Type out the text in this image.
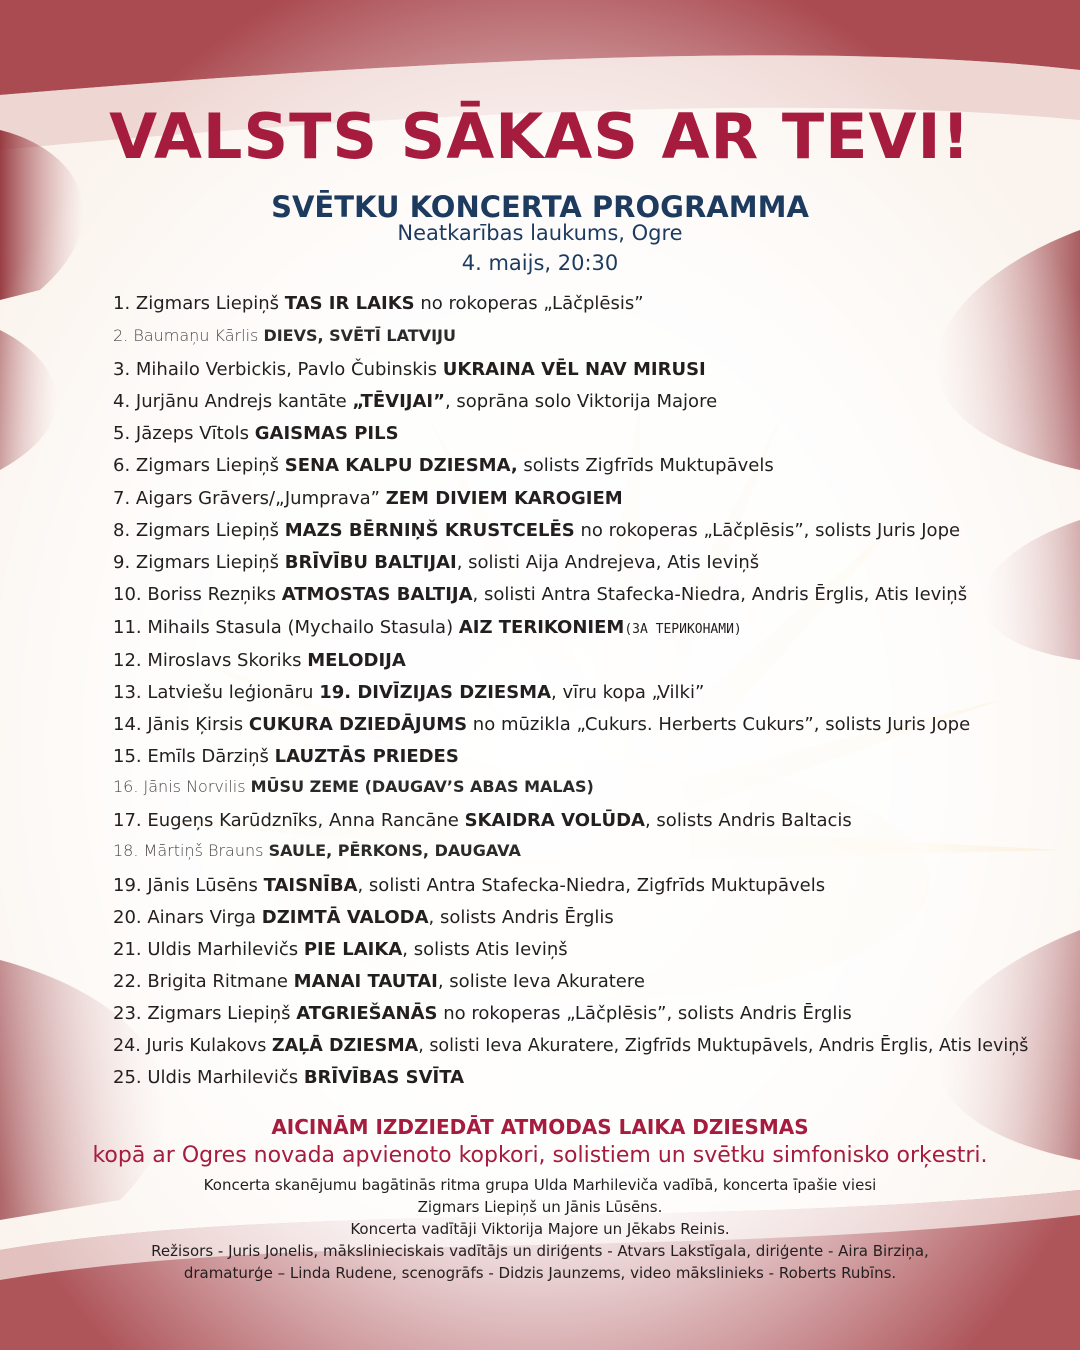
VALSTS SĀKAS AR TEVI!
SVĒTKU KONCERTA PROGRAMMA
Neatkarības laukums, Ogre
4. maijs, 20:30
1. Zigmars Liepiņš TAS IR LAIKS no rokoperas „Lāčplēsis”
2. Baumaņu Kārlis DIEVS, SVĒTĪ LATVIJU
3. Mihailo Verbickis, Pavlo Čubinskis UKRAINA VĒL NAV MIRUSI
4. Jurjānu Andrejs kantāte „TĒVIJAI”, soprāna solo Viktorija Majore
5. Jāzeps Vītols GAISMAS PILS
6. Zigmars Liepiņš SENA KALPU DZIESMA, solists Zigfrīds Muktupāvels
7. Aigars Grāvers/„Jumprava” ZEM DIVIEM KAROGIEM
8. Zigmars Liepiņš MAZS BĒRNIŅŠ KRUSTCELĒS no rokoperas „Lāčplēsis”, solists Juris Jope
9. Zigmars Liepiņš BRĪVĪBU BALTIJAI, solisti Aija Andrejeva, Atis Ieviņš
10. Boriss Rezņiks ATMOSTAS BALTIJA, solisti Antra Stafecka-Niedra, Andris Ērglis, Atis Ieviņš
11. Mihails Stasula (Mychailo Stasula) AIZ TERIKONIEM(ЗА ТЕРИКОНАМИ)
12. Miroslavs Skoriks MELODIJA
13. Latviešu leģionāru 19. DIVĪZIJAS DZIESMA, vīru kopa „Vilki”
14. Jānis Ķirsis CUKURA DZIEDĀJUMS no mūzikla „Cukurs. Herberts Cukurs”, solists Juris Jope
15. Emīls Dārziņš LAUZTĀS PRIEDES
16. Jānis Norvilis MŪSU ZEME (DAUGAV’S ABAS MALAS)
17. Eugeņs Karūdznīks, Anna Rancāne SKAIDRA VOLŪDA, solists Andris Baltacis
18. Mārtiņš Brauns SAULE, PĒRKONS, DAUGAVA
19. Jānis Lūsēns TAISNĪBA, solisti Antra Stafecka-Niedra, Zigfrīds Muktupāvels
20. Ainars Virga DZIMTĀ VALODA, solists Andris Ērglis
21. Uldis Marhilevičs PIE LAIKA, solists Atis Ieviņš
22. Brigita Ritmane MANAI TAUTAI, soliste Ieva Akuratere
23. Zigmars Liepiņš ATGRIEŠANĀS no rokoperas „Lāčplēsis”, solists Andris Ērglis
24. Juris Kulakovs ZAĻĀ DZIESMA, solisti Ieva Akuratere, Zigfrīds Muktupāvels, Andris Ērglis, Atis Ieviņš
25. Uldis Marhilevičs BRĪVĪBAS SVĪTA
AICINĀM IZDZIEDĀT ATMODAS LAIKA DZIESMAS
kopā ar Ogres novada apvienoto kopkori, solistiem un svētku simfonisko orķestri.
Koncerta skanējumu bagātinās ritma grupa Ulda Marhilevičа vadībā, koncerta īpašie viesi
Zigmars Liepiņš un Jānis Lūsēns.
Koncerta vadītāji Viktorija Majore un Jēkabs Reinis.
Režisors - Juris Jonelis, mākslinieciskais vadītājs un diriģents - Atvars Lakstīgala, diriģente - Aira Birziņa,
dramaturģe – Linda Rudene, scenogrāfs - Didzis Jaunzems, video mākslinieks - Roberts Rubīns.
